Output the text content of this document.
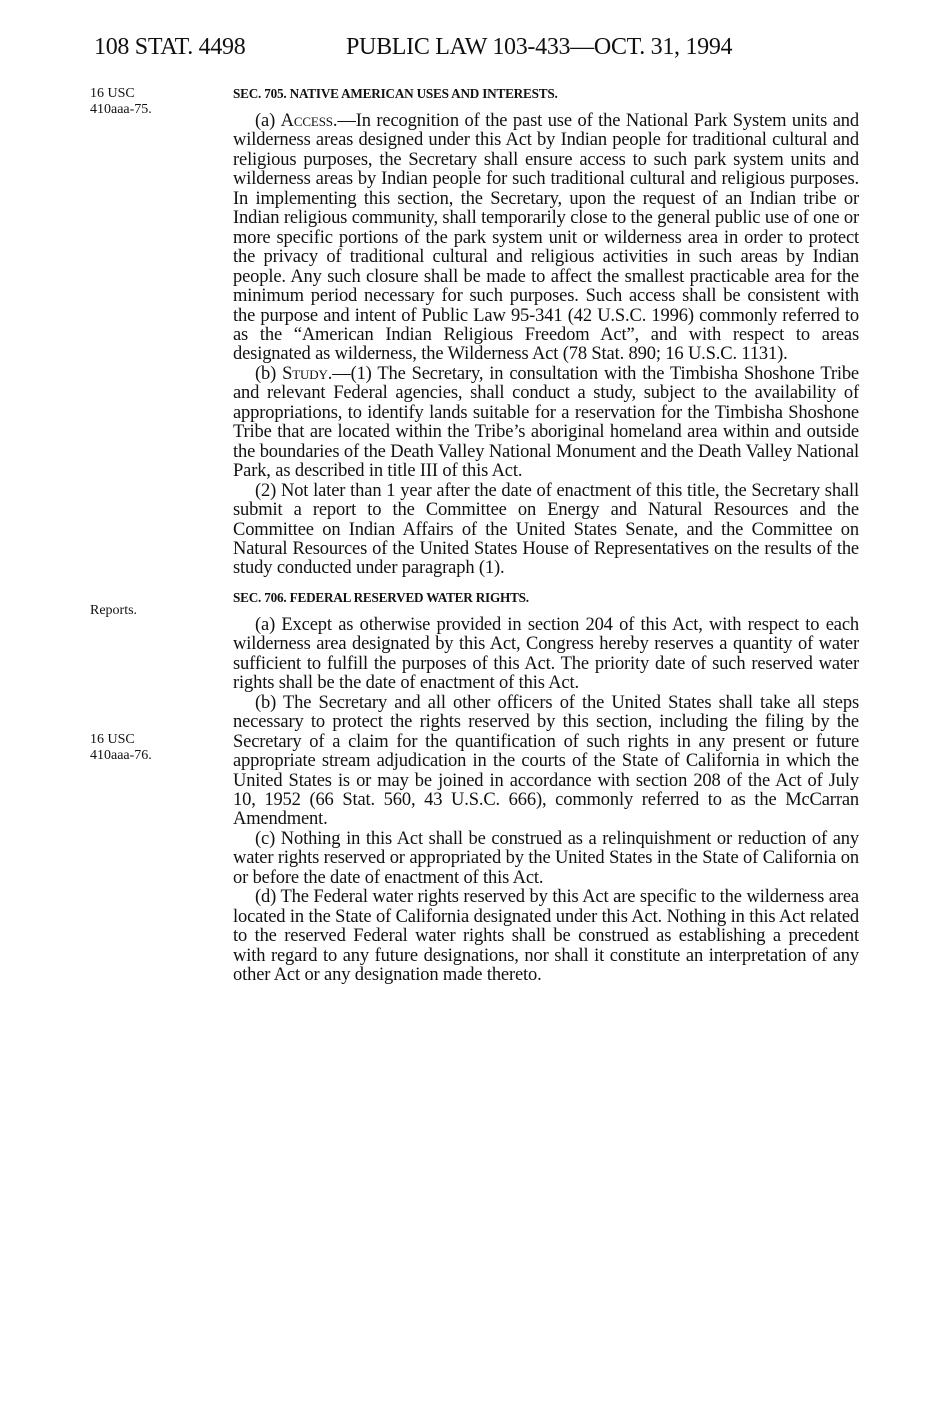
108 STAT. 4498	PUBLIC LAW 103-433—OCT. 31, 1994
16 USC
410aaa-75.
Reports.
16 USC
410aaa-76.

SEC. 705. NATIVE AMERICAN USES AND INTERESTS.

(a) Access.—In recognition of the past use of the National Park System units and wilderness areas designed under this Act by Indian people for traditional cultural and religious purposes, the Secretary shall ensure access to such park system units and wilderness areas by Indian people for such traditional cultural and religious purposes. In implementing this section, the Secretary, upon the request of an Indian tribe or Indian religious community, shall temporarily close to the general public use of one or more specific portions of the park system unit or wilderness area in order to protect the privacy of traditional cultural and religious activities in such areas by Indian people. Any such closure shall be made to affect the smallest practicable area for the minimum period necessary for such purposes. Such access shall be consistent with the purpose and intent of Public Law 95-341 (42 U.S.C. 1996) commonly referred to as the “American Indian Religious Freedom Act”, and with respect to areas designated as wilderness, the Wilderness Act (78 Stat. 890; 16 U.S.C. 1131).

(b) Study.—(1) The Secretary, in consultation with the Timbisha Shoshone Tribe and relevant Federal agencies, shall conduct a study, subject to the availability of appropriations, to identify lands suitable for a reservation for the Timbisha Shoshone Tribe that are located within the Tribe’s aboriginal homeland area within and outside the boundaries of the Death Valley National Monument and the Death Valley National Park, as described in title III of this Act.

(2) Not later than 1 year after the date of enactment of this title, the Secretary shall submit a report to the Committee on Energy and Natural Resources and the Committee on Indian Affairs of the United States Senate, and the Committee on Natural Resources of the United States House of Representatives on the results of the study conducted under paragraph (1).

SEC. 706. FEDERAL RESERVED WATER RIGHTS.

(a) Except as otherwise provided in section 204 of this Act, with respect to each wilderness area designated by this Act, Congress hereby reserves a quantity of water sufficient to fulfill the purposes of this Act. The priority date of such reserved water rights shall be the date of enactment of this Act.

(b) The Secretary and all other officers of the United States shall take all steps necessary to protect the rights reserved by this section, including the filing by the Secretary of a claim for the quantification of such rights in any present or future appropriate stream adjudication in the courts of the State of California in which the United States is or may be joined in accordance with section 208 of the Act of July 10, 1952 (66 Stat. 560, 43 U.S.C. 666), commonly referred to as the McCarran Amendment.

(c) Nothing in this Act shall be construed as a relinquishment or reduction of any water rights reserved or appropriated by the United States in the State of California on or before the date of enactment of this Act.

(d) The Federal water rights reserved by this Act are specific to the wilderness area located in the State of California designated under this Act. Nothing in this Act related to the reserved Federal water rights shall be construed as establishing a precedent with regard to any future designations, nor shall it constitute an interpretation of any other Act or any designation made thereto.
